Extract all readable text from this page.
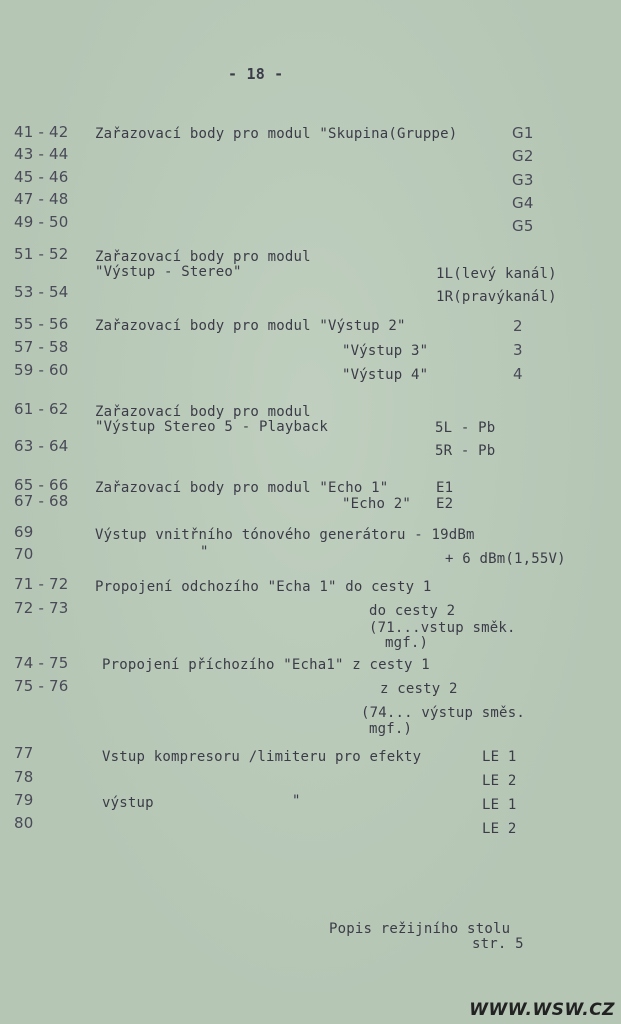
- 18 -
41 - 42 Zařazovací body pro modul "Skupina(Gruppe)	G1
43 - 44	G2
45 - 46	G3
47 - 48	G4
49 - 50	G5
51 - 52 Zařazovací body pro modul
"Výstup - Stereo"	1L(levý kanál)
53 - 54	1R(pravýkanál)
55 - 56 Zařazovací body pro modul "Výstup 2"	2
57 - 58	"Výstup 3"	3
59 - 60	"Výstup 4"	4
61 - 62 Zařazovací body pro modul
"Výstup Stereo 5 - Playback	5L - Pb
63 - 64	5R - Pb
65 - 66 Zařazovací body pro modul "Echo 1"	E1
67 - 68	"Echo 2" E2
69	Výstup vnitřního tónového generátoru - 19dBm
70	"	+ 6 dBm(1,55V)
71 - 72 Propojení odchozího "Echa 1" do cesty 1
72 - 73	do cesty 2
(71...vstup směk.
mgf.)
74 - 75 Propojení příchozího "Echa1" z cesty 1
75 - 76	z cesty 2
(74... výstup směs.
mgf.)
77	Vstup kompresoru /limiteru pro efekty	LE 1
78	LE 2
79	výstup	"	LE 1
80	LE 2
Popis režijního stolu
str. 5
WWW.WSW.CZ
